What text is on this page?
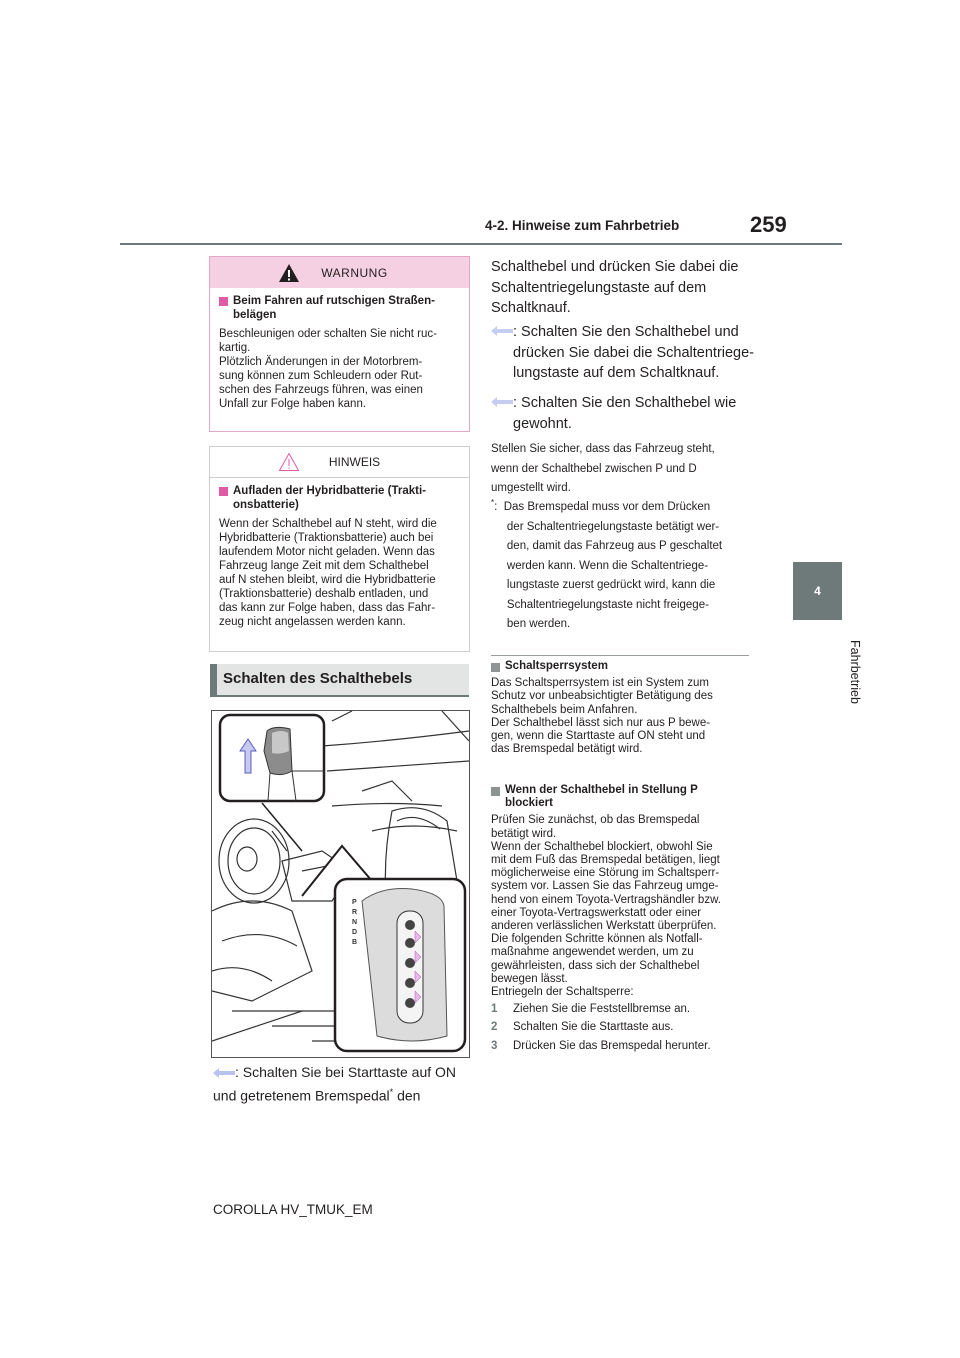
4-2. Hinweise zum Fahrbetrieb	259
4
Fahrbetrieb
WARNUNG
Beim Fahren auf rutschigen Straßen-
belägen
Beschleunigen oder schalten Sie nicht ruc-
kartig.
Plötzlich Änderungen in der Motorbrem-
sung können zum Schleudern oder Rut-
schen des Fahrzeugs führen, was einen
Unfall zur Folge haben kann.
HINWEIS
Aufladen der Hybridbatterie (Trakti-
onsbatterie)
Wenn der Schalthebel auf N steht, wird die
Hybridbatterie (Traktionsbatterie) auch bei
laufendem Motor nicht geladen. Wenn das
Fahrzeug lange Zeit mit dem Schalthebel
auf N stehen bleibt, wird die Hybridbatterie
(Traktionsbatterie) deshalb entladen, und
das kann zur Folge haben, dass das Fahr-
zeug nicht angelassen werden kann.
Schalten des Schalthebels
P
R
N
D
B
: Schalten Sie bei Starttaste auf ON
und getretenem Bremspedal* den
Schalthebel und drücken Sie dabei die
Schaltentriegelungstaste auf dem
Schaltknauf.
: Schalten Sie den Schalthebel und
drücken Sie dabei die Schaltentriege-
lungstaste auf dem Schaltknauf.
: Schalten Sie den Schalthebel wie
gewohnt.
Stellen Sie sicher, dass das Fahrzeug steht,
wenn der Schalthebel zwischen P und D
umgestellt wird.
* :  Das Bremspedal muss vor dem Drücken
der Schaltentriegelungstaste betätigt wer-
den, damit das Fahrzeug aus P geschaltet
werden kann. Wenn die Schaltentriege-
lungstaste zuerst gedrückt wird, kann die
Schaltentriegelungstaste nicht freigege-
ben werden.
Schaltsperrsystem
Das Schaltsperrsystem ist ein System zum
Schutz vor unbeabsichtigter Betätigung des
Schalthebels beim Anfahren.
Der Schalthebel lässt sich nur aus P bewe-
gen, wenn die Starttaste auf ON steht und
das Bremspedal betätigt wird.
Wenn der Schalthebel in Stellung P
blockiert
Prüfen Sie zunächst, ob das Bremspedal
betätigt wird.
Wenn der Schalthebel blockiert, obwohl Sie
mit dem Fuß das Bremspedal betätigen, liegt
möglicherweise eine Störung im Schaltsperr-
system vor. Lassen Sie das Fahrzeug umge-
hend von einem Toyota-Vertragshändler bzw.
einer Toyota-Vertragswerkstatt oder einer
anderen verlässlichen Werkstatt überprüfen.
Die folgenden Schritte können als Notfall-
maßnahme angewendet werden, um zu
gewährleisten, dass sich der Schalthebel
bewegen lässt.
Entriegeln der Schaltsperre:
1 Ziehen Sie die Feststellbremse an.
2 Schalten Sie die Starttaste aus.
3 Drücken Sie das Bremspedal herunter.
COROLLA HV_TMUK_EM
